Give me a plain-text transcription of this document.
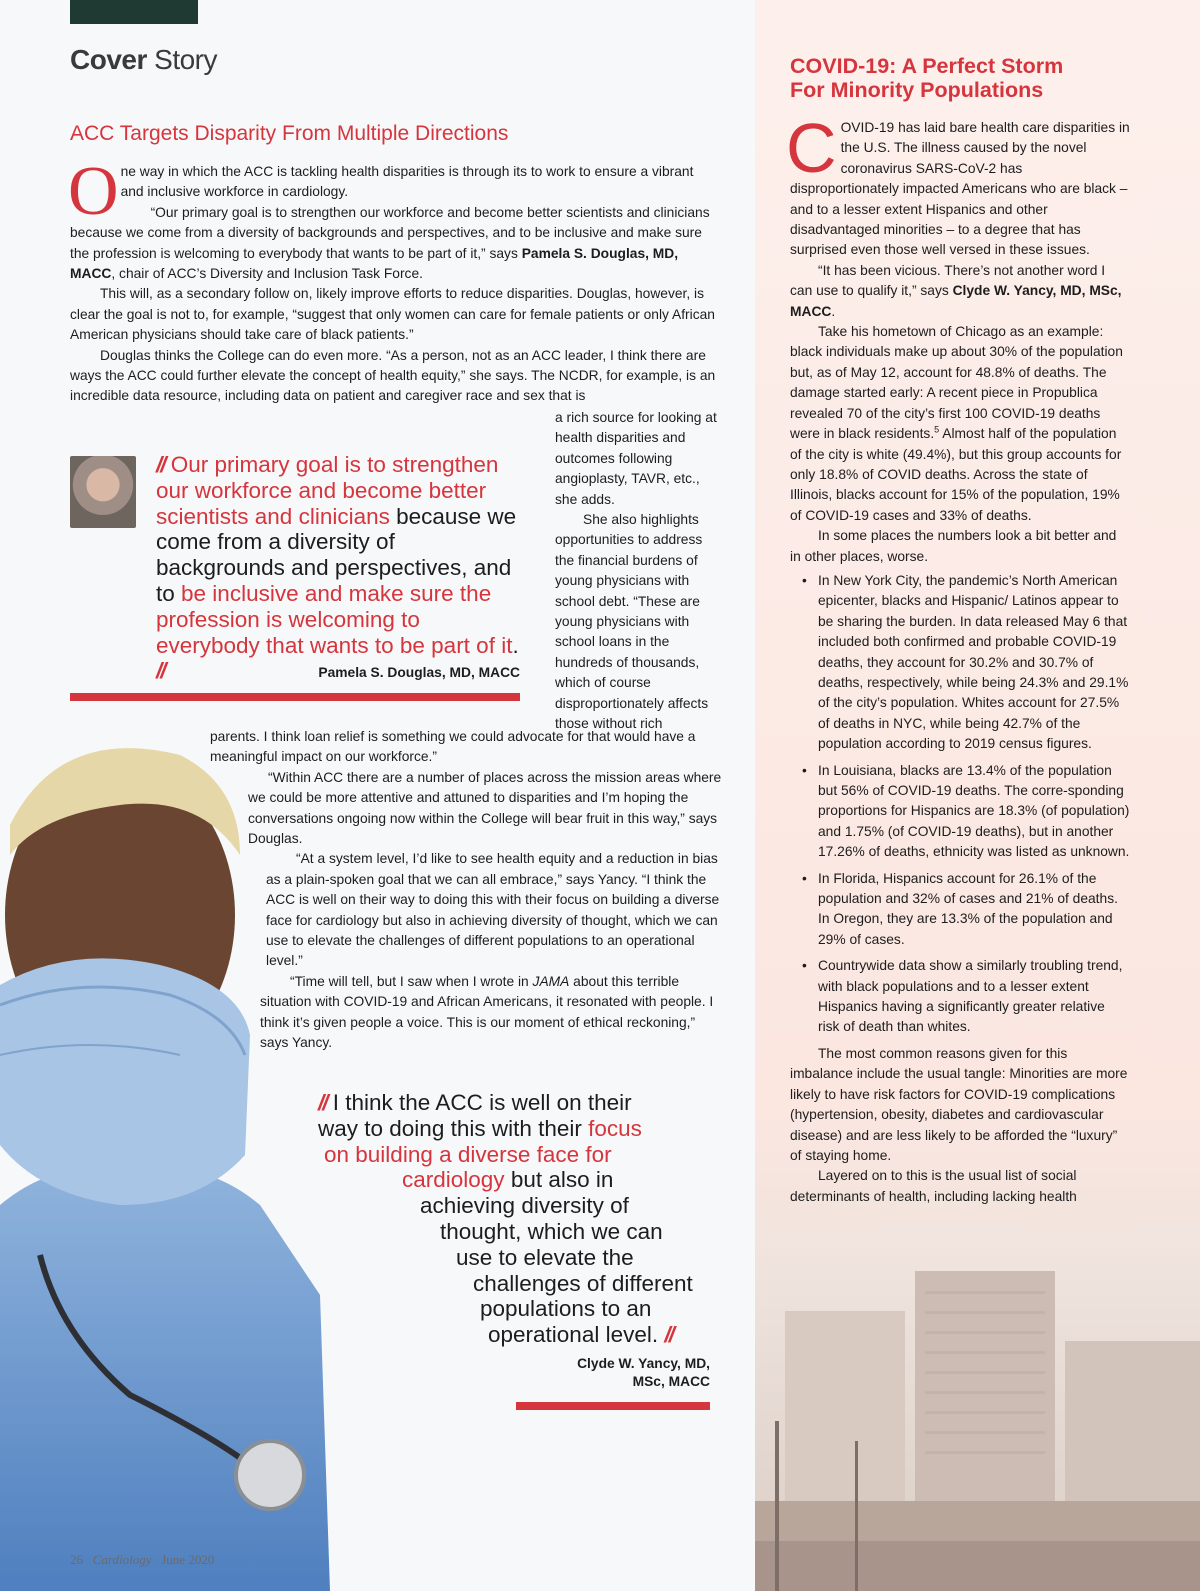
Cover Story
ACC Targets Disparity From Multiple Directions

One way in which the ACC is tackling health disparities is through its to work to ensure a vibrant and inclusive workforce in cardiology.

“Our primary goal is to strengthen our workforce and become better scientists and clinicians because we come from a diversity of backgrounds and perspectives, and to be inclusive and make sure the profession is welcoming to everybody that wants to be part of it,” says Pamela S. Douglas, MD, MACC, chair of ACC’s Diversity and Inclusion Task Force.

This will, as a secondary follow on, likely improve efforts to reduce disparities. Douglas, however, is clear the goal is not to, for example, “suggest that only women can care for female patients or only African American physicians should take care of black patients.”

Douglas thinks the College can do even more. “As a person, not as an ACC leader, I think there are ways the ACC could further elevate the concept of health equity,” she says. The NCDR, for example, is an incredible data resource, including data on patient and caregiver race and sex that is

a rich source for looking at health disparities and outcomes following angioplasty, TAVR, etc., she adds.

She also highlights opportunities to address the financial burdens of young physicians with school debt. “These are young physicians with school loans in the hundreds of thousands, which of course disproportionately affects those without rich

// Our primary goal is to strengthen our workforce and become better scientists and clinicians because we come from a diversity of backgrounds and perspectives, and to be inclusive and make sure the profession is welcoming to everybody that wants to be part of it. //	Pamela S. Douglas, MD, MACC

parents. I think loan relief is something we could advocate for that would have a meaningful impact on our workforce.”

“Within ACC there are a number of places across the mission areas where we could be more attentive and attuned to disparities and I’m hoping the conversations ongoing now within the College will bear fruit in this way,” says Douglas.

“At a system level, I’d like to see health equity and a reduction in bias as a plain-spoken goal that we can all embrace,” says Yancy. “I think the ACC is well on their way to doing this with their focus on building a diverse face for cardiology but also in achieving diversity of thought, which we can use to elevate the challenges of different populations to an operational level.”

“Time will tell, but I saw when I wrote in JAMA about this terrible situation with COVID-19 and African Americans, it resonated with people. I think it’s given people a voice. This is our moment of ethical reckoning,” says Yancy.

// I think the ACC is well on their
way to doing this with their focus
on building a diverse face for
cardiology but also in
achieving diversity of
thought, which we can
use to elevate the
challenges of different
populations to an
operational level. //
Clyde W. Yancy, MD,
MSc, MACC
26 Cardiology June 2020
COVID-19: A Perfect Storm
For Minority Populations

COVID-19 has laid bare health care disparities in the U.S. The illness caused by the novel coronavirus SARS-CoV-2 has disproportionately impacted Americans who are black – and to a lesser extent Hispanics and other disadvantaged minorities – to a degree that has surprised even those well versed in these issues.

“It has been vicious. There’s not another word I can use to qualify it,” says Clyde W. Yancy, MD, MSc, MACC.

Take his hometown of Chicago as an example: black individuals make up about 30% of the population but, as of May 12, account for 48.8% of deaths. The damage started early: A recent piece in Propublica revealed 70 of the city’s first 100 COVID-19 deaths were in black residents.$^5$ Almost half of the population of the city is white (49.4%), but this group accounts for only 18.8% of COVID deaths. Across the state of Illinois, blacks account for 15% of the population, 19% of COVID-19 cases and 33% of deaths.

In some places the numbers look a bit better and in other places, worse.

• In New York City, the pandemic’s North American epicenter, blacks and Hispanic/ Latinos appear to be sharing the burden. In data released May 6 that included both confirmed and probable COVID-19 deaths, they account for 30.2% and 30.7% of deaths, respectively, while being 24.3% and 29.1% of the city’s population. Whites account for 27.5% of deaths in NYC, while being 42.7% of the population according to 2019 census figures.
• In Louisiana, blacks are 13.4% of the population but 56% of COVID-19 deaths. The corre-sponding proportions for Hispanics are 18.3% (of population) and 1.75% (of COVID-19 deaths), but in another 17.26% of deaths, ethnicity was listed as unknown.
• In Florida, Hispanics account for 26.1% of the population and 32% of cases and 21% of deaths. In Oregon, they are 13.3% of the population and 29% of cases.
• Countrywide data show a similarly troubling trend, with black populations and to a lesser extent Hispanics having a significantly greater relative risk of death than whites.

The most common reasons given for this imbalance include the usual tangle: Minorities are more likely to have risk factors for COVID-19 complications (hypertension, obesity, diabetes and cardiovascular disease) and are less likely to be afforded the “luxury” of staying home.

Layered on to this is the usual list of social determinants of health, including lacking health
